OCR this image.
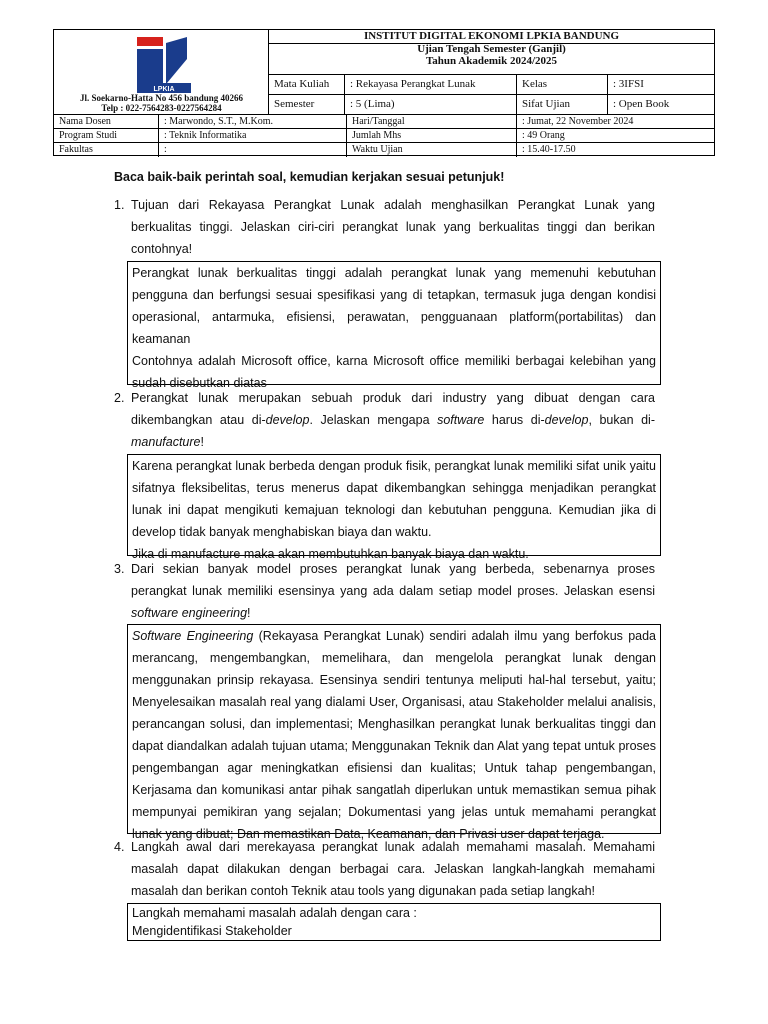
LPKIA
Jl. Soekarno-Hatta No 456 bandung 40266
Telp : 022-7564283-0227564284
INSTITUT DIGITAL EKONOMI LPKIA BANDUNG
Ujian Tengah Semester (Ganjil)
Tahun Akademik 2024/2025
Mata Kuliah	: Rekayasa Perangkat Lunak	Kelas	: 3IFSI
Semester	: 5 (Lima)	Sifat Ujian	: Open Book
Nama Dosen	: Marwondo, S.T., M.Kom.	Hari/Tanggal	: Jumat, 22 November 2024
Program Studi	: Teknik Informatika	Jumlah Mhs	: 49 Orang
Fakultas	:	Waktu Ujian	: 15.40-17.50
Baca baik-baik perintah soal, kemudian kerjakan sesuai petunjuk!
1. Tujuan dari Rekayasa Perangkat Lunak adalah menghasilkan Perangkat Lunak yang berkualitas tinggi. Jelaskan ciri-ciri perangkat lunak yang berkualitas tinggi dan berikan contohnya!

Perangkat lunak berkualitas tinggi adalah perangkat lunak yang memenuhi kebutuhan pengguna dan berfungsi sesuai spesifikasi yang di tetapkan, termasuk juga dengan kondisi operasional, antarmuka, efisiensi, perawatan, pengguanaan platform(portabilitas) dan keamanan

Contohnya adalah Microsoft office, karna Microsoft office memiliki berbagai kelebihan yang sudah disebutkan diatas

2. Perangkat lunak merupakan sebuah produk dari industry yang dibuat dengan cara dikembangkan atau di-develop. Jelaskan mengapa software harus di-develop, bukan di-manufacture!

Karena perangkat lunak berbeda dengan produk fisik, perangkat lunak memiliki sifat unik yaitu sifatnya fleksibelitas, terus menerus dapat dikembangkan sehingga menjadikan perangkat lunak ini dapat mengikuti kemajuan teknologi dan kebutuhan pengguna. Kemudian jika di develop tidak banyak menghabiskan biaya dan waktu.

Jika di manufacture maka akan membutuhkan banyak biaya dan waktu.

3. Dari sekian banyak model proses perangkat lunak yang berbeda, sebenarnya proses perangkat lunak memiliki esensinya yang ada dalam setiap model proses. Jelaskan esensi software engineering!

Software Engineering (Rekayasa Perangkat Lunak) sendiri adalah ilmu yang berfokus pada merancang, mengembangkan, memelihara, dan mengelola perangkat lunak dengan menggunakan prinsip rekayasa. Esensinya sendiri tentunya meliputi hal-hal tersebut, yaitu; Menyelesaikan masalah real yang dialami User, Organisasi, atau Stakeholder melalui analisis, perancangan solusi, dan implementasi; Menghasilkan perangkat lunak berkualitas tinggi dan dapat diandalkan adalah tujuan utama; Menggunakan Teknik dan Alat yang tepat untuk proses pengembangan agar meningkatkan efisiensi dan kualitas; Untuk tahap pengembangan, Kerjasama dan komunikasi antar pihak sangatlah diperlukan untuk memastikan semua pihak mempunyai pemikiran yang sejalan; Dokumentasi yang jelas untuk memahami perangkat lunak yang dibuat; Dan memastikan Data, Keamanan, dan Privasi user dapat terjaga.

4. Langkah awal dari merekayasa perangkat lunak adalah memahami masalah. Memahami masalah dapat dilakukan dengan berbagai cara. Jelaskan langkah-langkah memahami masalah dan berikan contoh Teknik atau tools yang digunakan pada setiap langkah!

Langkah memahami masalah adalah dengan cara :

Mengidentifikasi Stakeholder
